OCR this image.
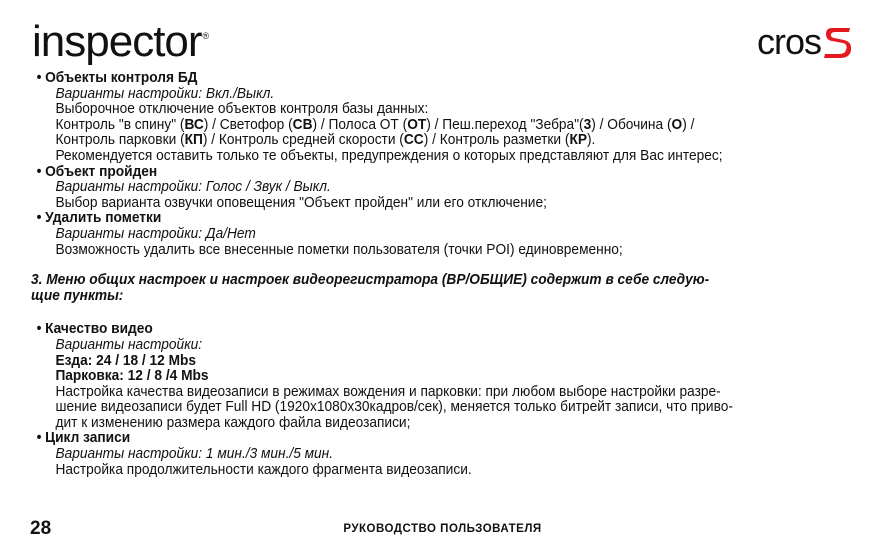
inspector®	cros
• Объекты контроля БД
Варианты настройки: Вкл./Выкл.
Выборочное отключение объектов контроля базы данных:
Контроль "в спину" (ВС) / Светофор (СВ) / Полоса ОТ (ОТ) / Пеш.переход "Зебра"(3) / Обочина (О) /
Контроль парковки (КП) / Контроль средней скорости (СС) / Контроль разметки (КР).
Рекомендуется оставить только те объекты, предупреждения о которых представляют для Вас интерес;
• Объект пройден
Варианты настройки: Голос / Звук / Выкл.
Выбор варианта озвучки оповещения "Объект пройден" или его отключение;
• Удалить пометки
Варианты настройки: Да/Нет
Возможность удалить все внесенные пометки пользователя (точки POI) единовременно;
3. Меню общих настроек и настроек видеорегистратора (ВР/ОБЩИЕ) содержит в себе следую-
щие пункты:
• Качество видео
Варианты настройки:
Езда: 24 / 18 / 12 Mbs
Парковка: 12 / 8 /4 Mbs
Настройка качества видеозаписи в режимах вождения и парковки: при любом выборе настройки разре-
шение видеозаписи будет Full HD (1920x1080x30кадров/сек), меняется только битрейт записи, что приво-
дит к изменению размера каждого файла видеозаписи;
• Цикл записи
Варианты настройки: 1 мин./3 мин./5 мин.
Настройка продолжительности каждого фрагмента видеозаписи.
28	РУКОВОДСТВО ПОЛЬЗОВАТЕЛЯ
